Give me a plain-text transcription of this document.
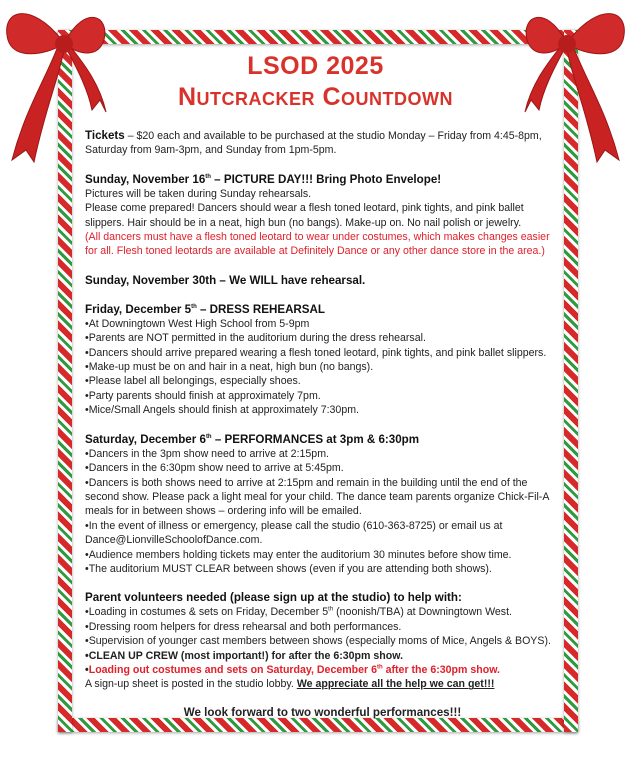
LSOD 2025
Nutcracker Countdown

Tickets – $20 each and available to be purchased at the studio Monday – Friday from 4:45-8pm, Saturday from 9am-3pm, and Sunday from 1pm-5pm.

Sunday, November 16th – PICTURE DAY!!! Bring Photo Envelope!

Pictures will be taken during Sunday rehearsals.

Please come prepared! Dancers should wear a flesh toned leotard, pink tights, and pink ballet slippers. Hair should be in a neat, high bun (no bangs). Make-up on. No nail polish or jewelry.

(All dancers must have a flesh toned leotard to wear under costumes, which makes changes easier for all. Flesh toned leotards are available at Definitely Dance or any other dance store in the area.)

Sunday, November 30th – We WILL have rehearsal.

Friday, December 5th – DRESS REHEARSAL

•At Downingtown West High School from 5-9pm

•Parents are NOT permitted in the auditorium during the dress rehearsal.

•Dancers should arrive prepared wearing a flesh toned leotard, pink tights, and pink ballet slippers.

•Make-up must be on and hair in a neat, high bun (no bangs).

•Please label all belongings, especially shoes.

•Party parents should finish at approximately 7pm.

•Mice/Small Angels should finish at approximately 7:30pm.

Saturday, December 6th – PERFORMANCES at 3pm & 6:30pm

•Dancers in the 3pm show need to arrive at 2:15pm.

•Dancers in the 6:30pm show need to arrive at 5:45pm.

•Dancers is both shows need to arrive at 2:15pm and remain in the building until the end of the second show. Please pack a light meal for your child. The dance team parents organize Chick-Fil-A meals for in between shows – ordering info will be emailed.

•In the event of illness or emergency, please call the studio (610-363-8725) or email us at Dance@LionvilleSchoolofDance.com.

•Audience members holding tickets may enter the auditorium 30 minutes before show time.

•The auditorium MUST CLEAR between shows (even if you are attending both shows).

Parent volunteers needed (please sign up at the studio) to help with:

•Loading in costumes & sets on Friday, December 5th (noonish/TBA) at Downingtown West.

•Dressing room helpers for dress rehearsal and both performances.

•Supervision of younger cast members between shows (especially moms of Mice, Angels & BOYS).

•CLEAN UP CREW (most important!) for after the 6:30pm show.

•Loading out costumes and sets on Saturday, December 6th after the 6:30pm show.

A sign-up sheet is posted in the studio lobby. We appreciate all the help we can get!!!

We look forward to two wonderful performances!!!
